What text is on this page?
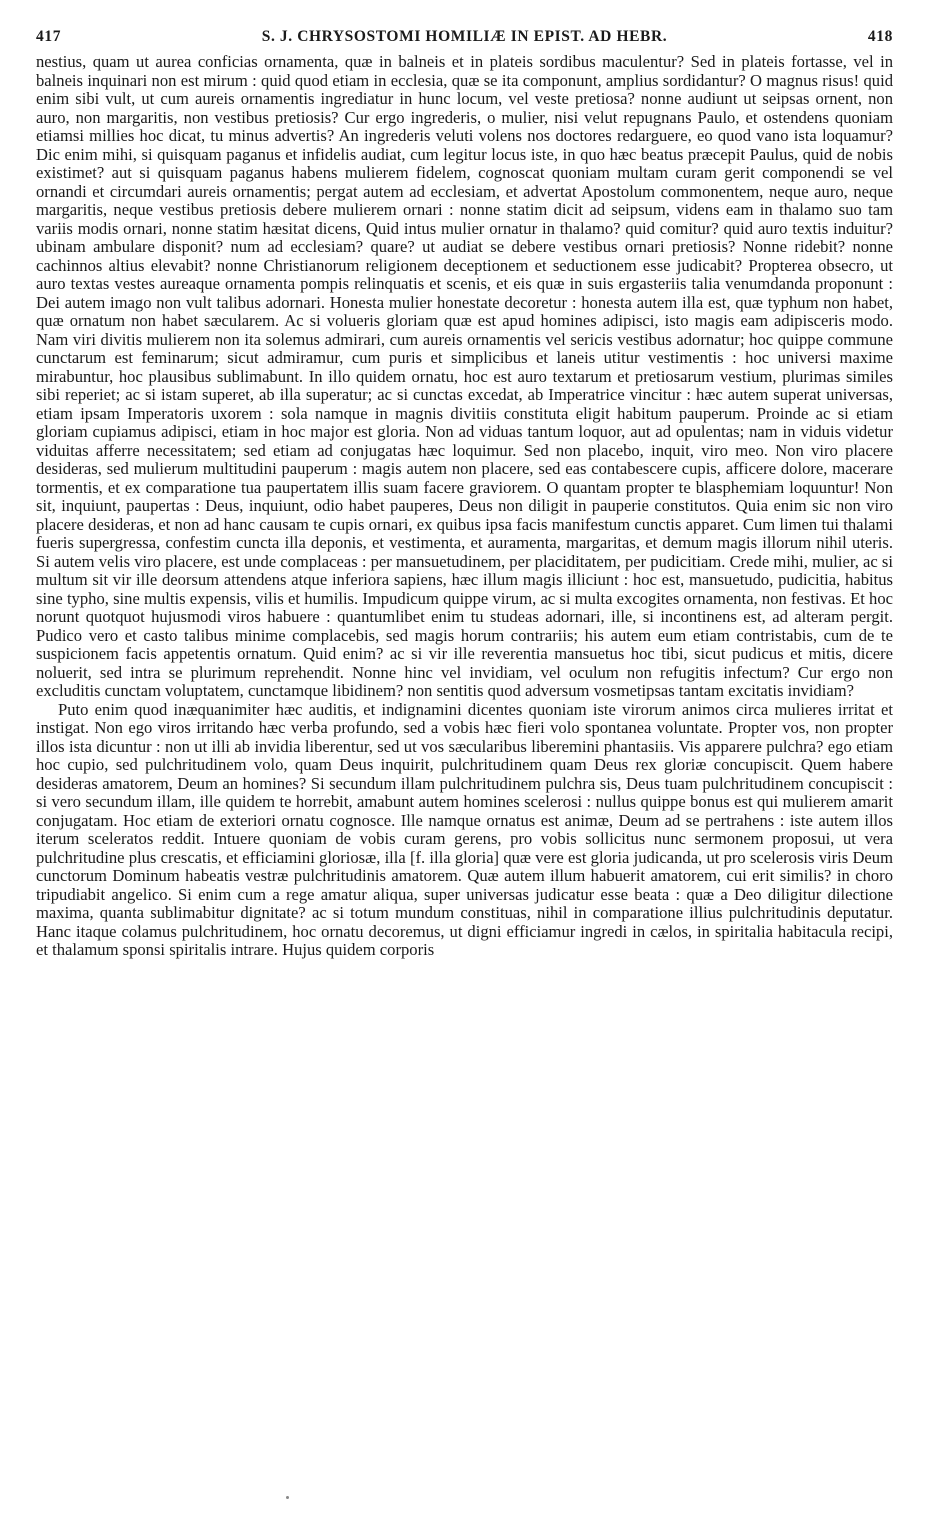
417	S. J. CHRYSOSTOMI HOMILIÆ IN EPIST. AD HEBR.	418

nestius, quam ut aurea conficias ornamenta, quæ in balneis et in plateis sordibus maculentur? Sed in plateis fortasse, vel in balneis inquinari non est mirum : quid quod etiam in ecclesia, quæ se ita componunt, amplius sordidantur? O magnus risus! quid enim sibi vult, ut cum aureis ornamentis ingrediatur in hunc locum, vel veste pretiosa? nonne audiunt ut seipsas ornent, non auro, non margaritis, non vestibus pretiosis? Cur ergo ingrederis, o mulier, nisi velut repugnans Paulo, et ostendens quoniam etiamsi millies hoc dicat, tu minus advertis? An ingrederis veluti volens nos doctores redarguere, eo quod vano ista loquamur? Dic enim mihi, si quisquam paganus et infidelis audiat, cum legitur locus iste, in quo hæc beatus præcepit Paulus, quid de nobis existimet? aut si quisquam paganus habens mulierem fidelem, cognoscat quoniam multam curam gerit componendi se vel ornandi et circumdari aureis ornamentis; pergat autem ad ecclesiam, et advertat Apostolum commonentem, neque auro, neque margaritis, neque vestibus pretiosis debere mulierem ornari : nonne statim dicit ad seipsum, videns eam in thalamo suo tam variis modis ornari, nonne statim hæsitat dicens, Quid intus mulier ornatur in thalamo? quid comitur? quid auro textis induitur? ubinam ambulare disponit? num ad ecclesiam? quare? ut audiat se debere vestibus ornari pretiosis? Nonne ridebit? nonne cachinnos altius elevabit? nonne Christianorum religionem deceptionem et seductionem esse judicabit? Propterea obsecro, ut auro textas vestes aureaque ornamenta pompis relinquatis et scenis, et eis quæ in suis ergasteriis talia venumdanda proponunt : Dei autem imago non vult talibus adornari. Honesta mulier honestate decoretur : honesta autem illa est, quæ typhum non habet, quæ ornatum non habet sæcularem. Ac si volueris gloriam quæ est apud homines adipisci, isto magis eam adipisceris modo. Nam viri divitis mulierem non ita solemus admirari, cum aureis ornamentis vel sericis vestibus adornatur; hoc quippe commune cunctarum est feminarum; sicut admiramur, cum puris et simplicibus et laneis utitur vestimentis : hoc universi maxime mirabuntur, hoc plausibus sublimabunt. In illo quidem ornatu, hoc est auro textarum et pretiosarum vestium, plurimas similes sibi reperiet; ac si istam superet, ab illa superatur; ac si cunctas excedat, ab Imperatrice vincitur : hæc autem superat universas, etiam ipsam Imperatoris uxorem : sola namque in magnis divitiis constituta eligit habitum pauperum. Proinde ac si etiam gloriam cupiamus adipisci, etiam in hoc major est gloria. Non ad viduas tantum loquor, aut ad opulentas; nam in viduis videtur viduitas afferre necessitatem; sed etiam ad conjugatas hæc loquimur. Sed non placebo, inquit, viro meo. Non viro placere desideras, sed mulierum multitudini pauperum : magis autem non placere, sed eas contabescere cupis, afficere dolore, macerare tormentis, et ex comparatione tua paupertatem illis suam facere graviorem. O quantam propter te blasphemiam loquuntur! Non sit, inquiunt, paupertas : Deus, inquiunt, odio habet pauperes, Deus non diligit in pauperie constitutos. Quia enim sic non viro placere desideras, et non ad hanc causam te cupis ornari, ex quibus ipsa facis manifestum cunctis apparet. Cum limen tui thalami fueris supergressa, confestim cuncta illa deponis, et vestimenta, et auramenta, margaritas, et demum magis illorum nihil uteris. Si autem velis viro placere, est unde complaceas : per mansuetudinem, per placiditatem, per pudicitiam. Crede mihi, mulier, ac si multum sit vir ille deorsum attendens atque inferiora sapiens, hæc illum magis illiciunt : hoc est, mansuetudo, pudicitia, habitus sine typho, sine multis expensis, vilis et humilis. Impudicum quippe virum, ac si multa excogites ornamenta, non festivas. Et hoc norunt quotquot hujusmodi viros habuere : quantumlibet enim tu studeas adornari, ille, si incontinens est, ad alteram pergit. Pudico vero et casto talibus minime complacebis, sed magis horum contrariis; his autem eum etiam contristabis, cum de te suspicionem facis appetentis ornatum. Quid enim? ac si vir ille reverentia mansuetus hoc tibi, sicut pudicus et mitis, dicere noluerit, sed intra se plurimum reprehendit. Nonne hinc vel invidiam, vel oculum non refugitis infectum? Cur ergo non excluditis cunctam voluptatem, cunctamque libidinem? non sentitis quod adversum vosmetipsas tantam excitatis invidiam?

Puto enim quod inæquanimiter hæc auditis, et indignamini dicentes quoniam iste virorum animos circa mulieres irritat et instigat. Non ego viros irritando hæc verba profundo, sed a vobis hæc fieri volo spontanea voluntate. Propter vos, non propter illos ista dicuntur : non ut illi ab invidia liberentur, sed ut vos sæcularibus liberemini phantasiis. Vis apparere pulchra? ego etiam hoc cupio, sed pulchritudinem volo, quam Deus inquirit, pulchritudinem quam Deus rex gloriæ concupiscit. Quem habere desideras amatorem, Deum an homines? Si secundum illam pulchritudinem pulchra sis, Deus tuam pulchritudinem concupiscit : si vero secundum illam, ille quidem te horrebit, amabunt autem homines scelerosi : nullus quippe bonus est qui mulierem amarit conjugatam. Hoc etiam de exteriori ornatu cognosce. Ille namque ornatus est animæ, Deum ad se pertrahens : iste autem illos iterum sceleratos reddit. Intuere quoniam de vobis curam gerens, pro vobis sollicitus nunc sermonem proposui, ut vera pulchritudine plus crescatis, et efficiamini gloriosæ, illa [f. illa gloria] quæ vere est gloria judicanda, ut pro scelerosis viris Deum cunctorum Dominum habeatis vestræ pulchritudinis amatorem. Quæ autem illum habuerit amatorem, cui erit similis? in choro tripudiabit angelico. Si enim cum a rege amatur aliqua, super universas judicatur esse beata : quæ a Deo diligitur dilectione maxima, quanta sublimabitur dignitate? ac si totum mundum constituas, nihil in comparatione illius pulchritudinis deputatur. Hanc itaque colamus pulchritudinem, hoc ornatu decoremus, ut digni efficiamur ingredi in cælos, in spiritalia habitacula recipi, et thalamum sponsi spiritalis intrare. Hujus quidem corporis
